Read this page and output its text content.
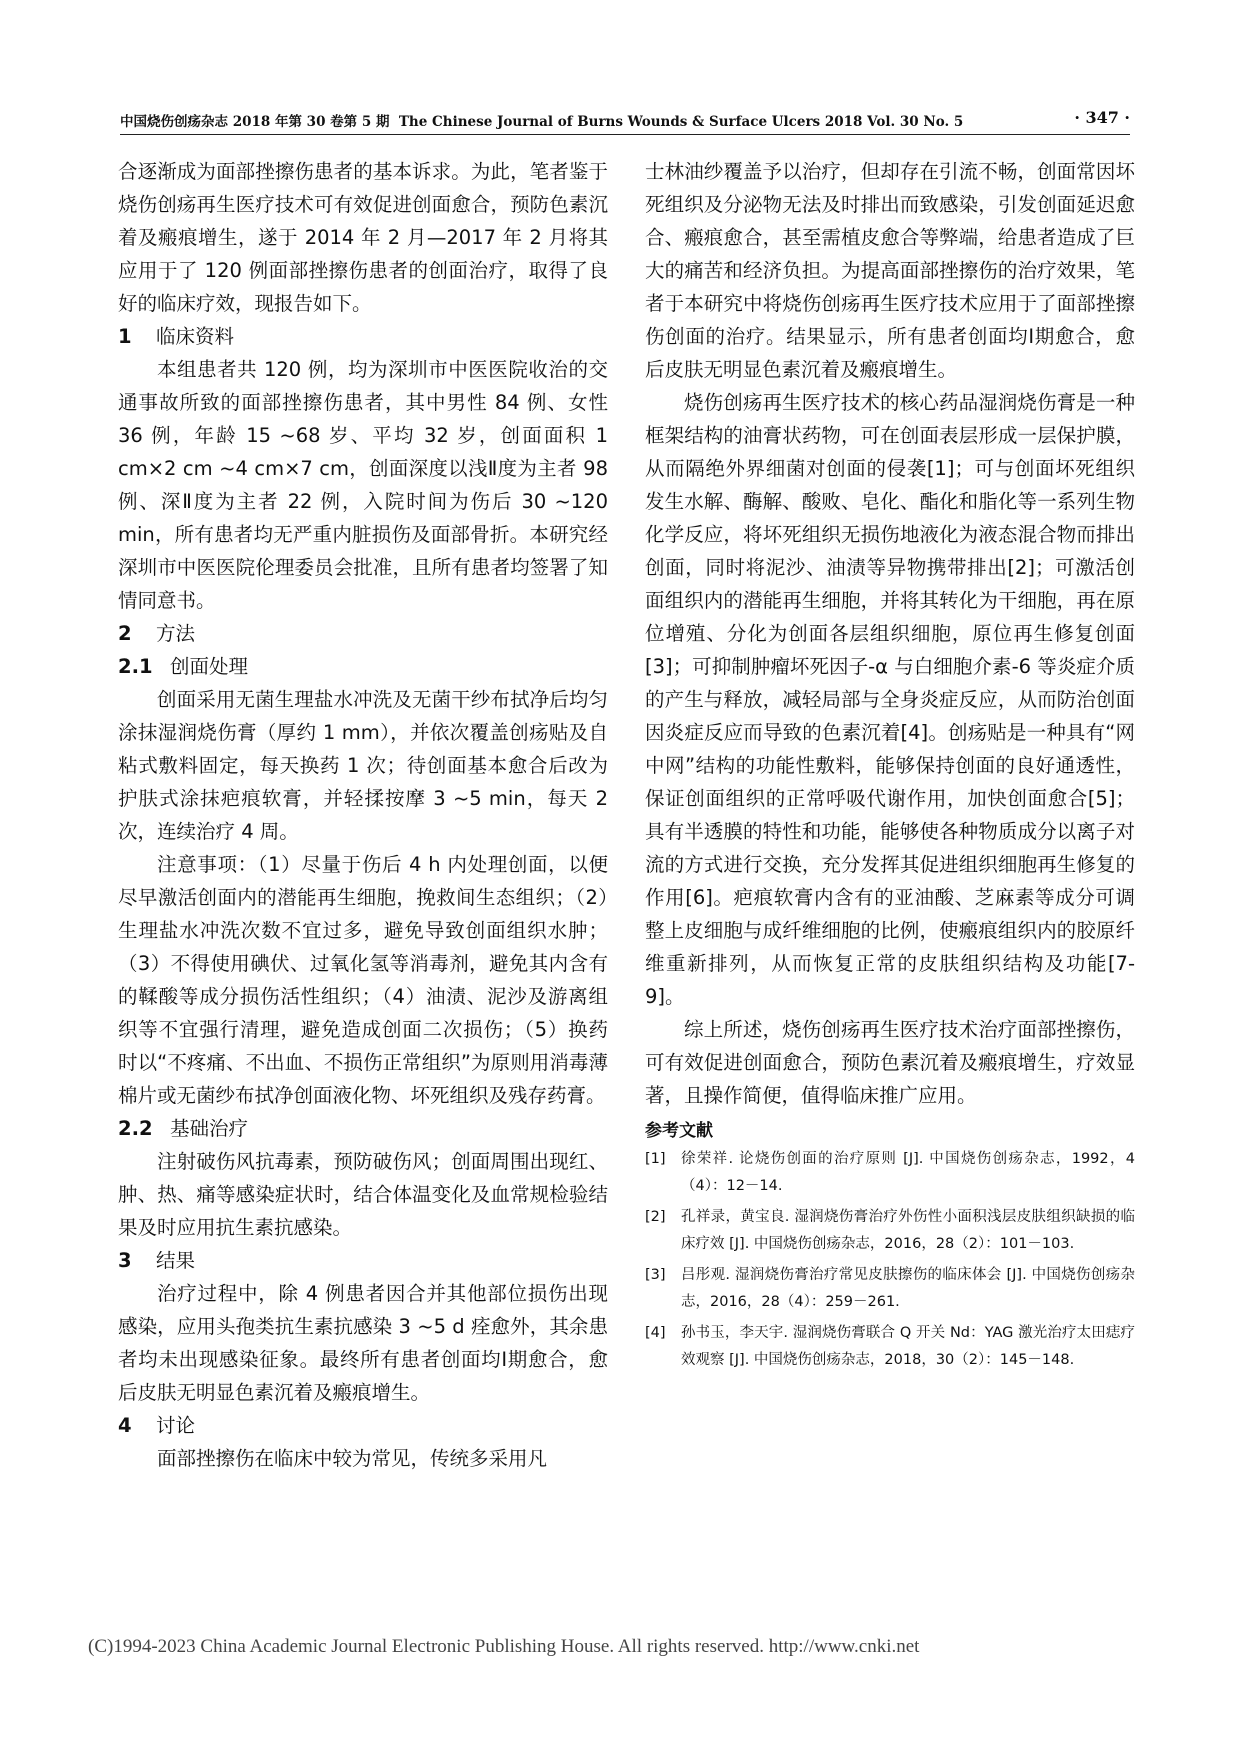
中国烧伤创疡杂志 2018 年第 30 卷第 5 期 The Chinese Journal of Burns Wounds & Surface Ulcers 2018 Vol. 30 No. 5	· 347 ·

合逐渐成为面部挫擦伤患者的基本诉求。为此，笔者鉴于烧伤创疡再生医疗技术可有效促进创面愈合，预防色素沉着及瘢痕增生，遂于 2014 年 2 月—2017 年 2 月将其应用于了 120 例面部挫擦伤患者的创面治疗，取得了良好的临床疗效，现报告如下。

1 临床资料

本组患者共 120 例，均为深圳市中医医院收治的交通事故所致的面部挫擦伤患者，其中男性 84 例、女性 36 例，年龄 15 ~68 岁、平均 32 岁，创面面积 1 cm×2 cm ~4 cm×7 cm，创面深度以浅Ⅱ度为主者 98 例、深Ⅱ度为主者 22 例，入院时间为伤后 30 ~120 min，所有患者均无严重内脏损伤及面部骨折。本研究经深圳市中医医院伦理委员会批准，且所有患者均签署了知情同意书。

2 方法
2.1 创面处理

创面采用无菌生理盐水冲洗及无菌干纱布拭净后均匀涂抹湿润烧伤膏（厚约 1 mm），并依次覆盖创疡贴及自粘式敷料固定，每天换药 1 次；待创面基本愈合后改为护肤式涂抹疤痕软膏，并轻揉按摩 3 ~5 min，每天 2 次，连续治疗 4 周。

注意事项：（1）尽量于伤后 4 h 内处理创面，以便尽早激活创面内的潜能再生细胞，挽救间生态组织；（2）生理盐水冲洗次数不宜过多，避免导致创面组织水肿；（3）不得使用碘伏、过氧化氢等消毒剂，避免其内含有的鞣酸等成分损伤活性组织；（4）油渍、泥沙及游离组织等不宜强行清理，避免造成创面二次损伤；（5）换药时以“不疼痛、不出血、不损伤正常组织”为原则用消毒薄棉片或无菌纱布拭净创面液化物、坏死组织及残存药膏。

2.2 基础治疗

注射破伤风抗毒素，预防破伤风；创面周围出现红、肿、热、痛等感染症状时，结合体温变化及血常规检验结果及时应用抗生素抗感染。

3 结果

治疗过程中，除 4 例患者因合并其他部位损伤出现感染，应用头孢类抗生素抗感染 3 ~5 d 痊愈外，其余患者均未出现感染征象。最终所有患者创面均Ⅰ期愈合，愈后皮肤无明显色素沉着及瘢痕增生。

4 讨论

面部挫擦伤在临床中较为常见，传统多采用凡

士林油纱覆盖予以治疗，但却存在引流不畅，创面常因坏死组织及分泌物无法及时排出而致感染，引发创面延迟愈合、瘢痕愈合，甚至需植皮愈合等弊端，给患者造成了巨大的痛苦和经济负担。为提高面部挫擦伤的治疗效果，笔者于本研究中将烧伤创疡再生医疗技术应用于了面部挫擦伤创面的治疗。结果显示，所有患者创面均Ⅰ期愈合，愈后皮肤无明显色素沉着及瘢痕增生。

烧伤创疡再生医疗技术的核心药品湿润烧伤膏是一种框架结构的油膏状药物，可在创面表层形成一层保护膜，从而隔绝外界细菌对创面的侵袭[1]；可与创面坏死组织发生水解、酶解、酸败、皂化、酯化和脂化等一系列生物化学反应，将坏死组织无损伤地液化为液态混合物而排出创面，同时将泥沙、油渍等异物携带排出[2]；可激活创面组织内的潜能再生细胞，并将其转化为干细胞，再在原位增殖、分化为创面各层组织细胞，原位再生修复创面[3]；可抑制肿瘤坏死因子-α 与白细胞介素-6 等炎症介质的产生与释放，减轻局部与全身炎症反应，从而防治创面因炎症反应而导致的色素沉着[4]。创疡贴是一种具有“网中网”结构的功能性敷料，能够保持创面的良好通透性，保证创面组织的正常呼吸代谢作用，加快创面愈合[5]；具有半透膜的特性和功能，能够使各种物质成分以离子对流的方式进行交换，充分发挥其促进组织细胞再生修复的作用[6]。疤痕软膏内含有的亚油酸、芝麻素等成分可调整上皮细胞与成纤维细胞的比例，使瘢痕组织内的胶原纤维重新排列，从而恢复正常的皮肤组织结构及功能[7-9]。

综上所述，烧伤创疡再生医疗技术治疗面部挫擦伤，可有效促进创面愈合，预防色素沉着及瘢痕增生，疗效显著，且操作简便，值得临床推广应用。

参考文献
[1]	徐荣祥. 论烧伤创面的治疗原则 [J]. 中国烧伤创疡杂志，1992，4（4）：12－14.
[2]	孔祥录，黄宝良. 湿润烧伤膏治疗外伤性小面积浅层皮肤组织缺损的临床疗效 [J]. 中国烧伤创疡杂志，2016，28（2）：101－103.
[3]	吕彤观. 湿润烧伤膏治疗常见皮肤擦伤的临床体会 [J]. 中国烧伤创疡杂志，2016，28（4）：259－261.
[4]	孙书玉，李天宇. 湿润烧伤膏联合 Q 开关 Nd：YAG 激光治疗太田痣疗效观察 [J]. 中国烧伤创疡杂志，2018，30（2）：145－148.
(C)1994-2023 China Academic Journal Electronic Publishing House. All rights reserved. http://www.cnki.net
